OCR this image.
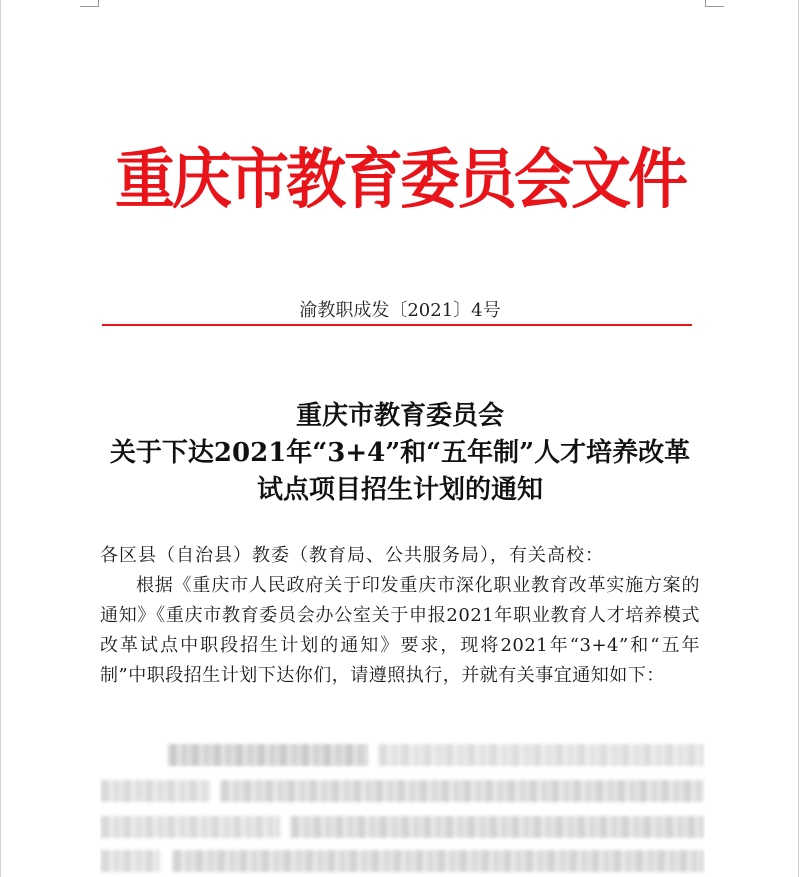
重庆市教育委员会文件

渝教职成发〔2021〕4号

重庆市教育委员会
关于下达2021年“3+4”和“五年制”人才培养改革
试点项目招生计划的通知

各区县（自治县）教委（教育局、公共服务局），有关高校：

根据《重庆市人民政府关于印发重庆市深化职业教育改革实施方案的通知》《重庆市教育委员会办公室关于申报2021年职业教育人才培养模式改革试点中职段招生计划的通知》要求，现将2021年“3+4”和“五年制”中职段招生计划下达你们，请遵照执行，并就有关事宜通知如下：
